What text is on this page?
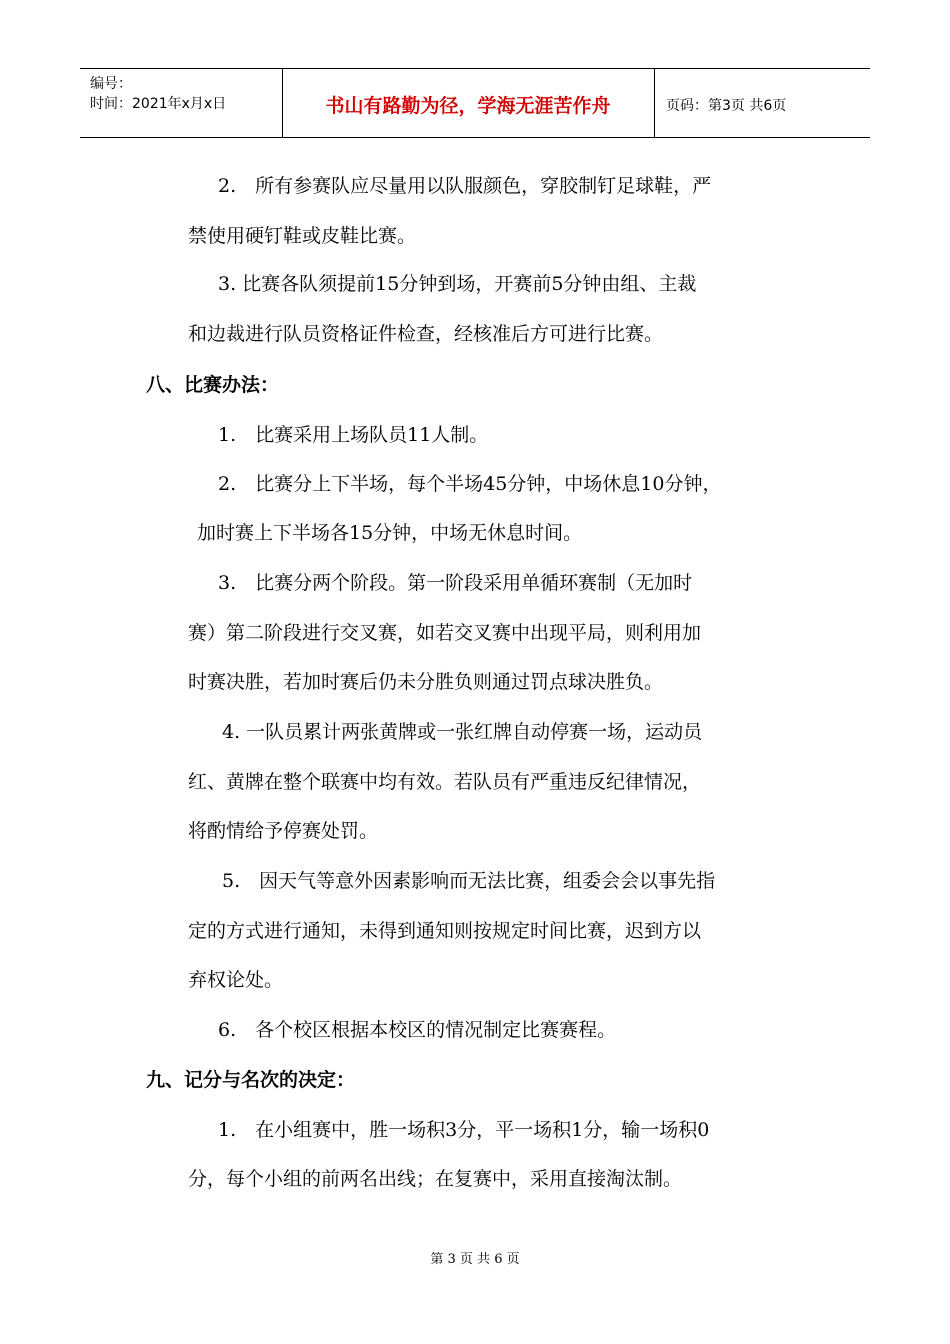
编号：
时间：2021年x月x日	书山有路勤为径，学海无涯苦作舟	页码：第3页 共6页
2.　所有参赛队应尽量用以队服颜色，穿胶制钉足球鞋，严
禁使用硬钉鞋或皮鞋比赛。
3. 比赛各队须提前15分钟到场，开赛前5分钟由组、主裁
和边裁进行队员资格证件检查，经核准后方可进行比赛。
八、比赛办法：
1.　比赛采用上场队员11人制。
2.　比赛分上下半场，每个半场45分钟，中场休息10分钟，
加时赛上下半场各15分钟，中场无休息时间。
3.　比赛分两个阶段。第一阶段采用单循环赛制（无加时
赛）第二阶段进行交叉赛，如若交叉赛中出现平局，则利用加
时赛决胜，若加时赛后仍未分胜负则通过罚点球决胜负。
4. 一队员累计两张黄牌或一张红牌自动停赛一场，运动员
红、黄牌在整个联赛中均有效。若队员有严重违反纪律情况，
将酌情给予停赛处罚。
5.　因天气等意外因素影响而无法比赛，组委会会以事先指
定的方式进行通知，未得到通知则按规定时间比赛，迟到方以
弃权论处。
6.　各个校区根据本校区的情况制定比赛赛程。
九、记分与名次的决定：
1.　在小组赛中，胜一场积3分，平一场积1分，输一场积0
分，每个小组的前两名出线；在复赛中，采用直接淘汰制。
第 3 页 共 6 页
